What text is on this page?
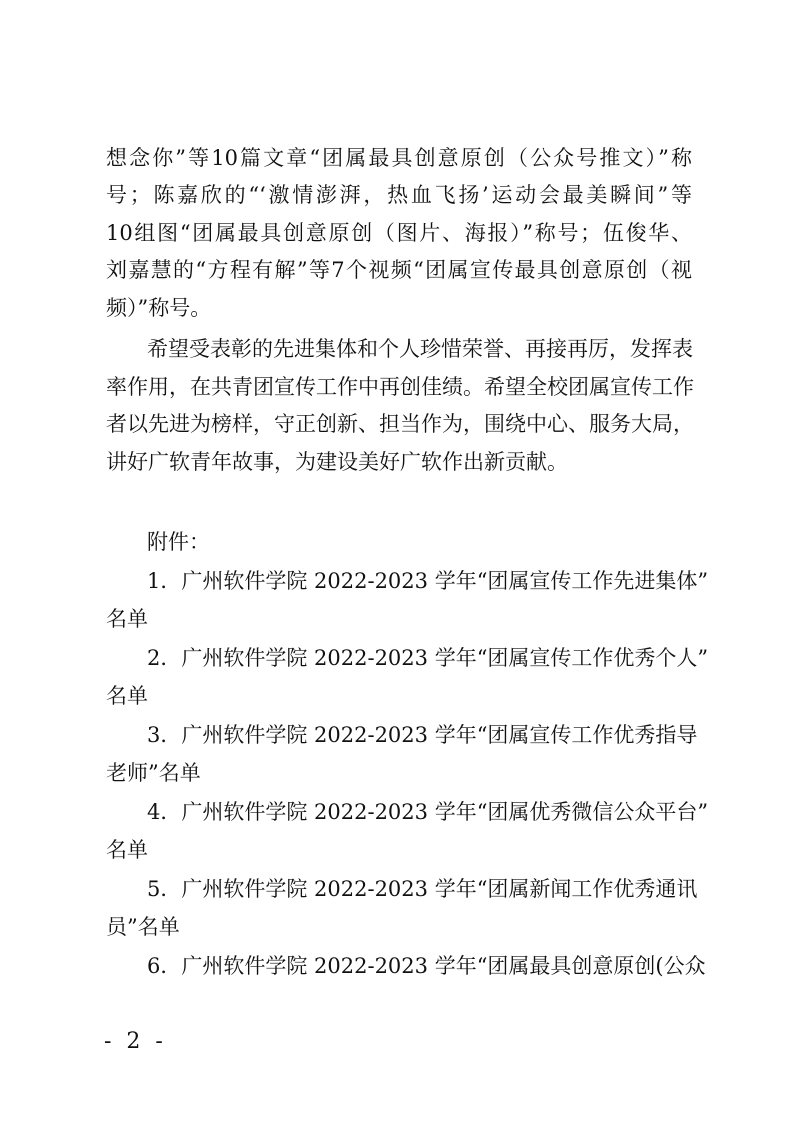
想念你”等10篇文章“团属最具创意原创（公众号推文）”称
号；陈嘉欣的“‘激情澎湃，热血飞扬’运动会最美瞬间”等
10组图“团属最具创意原创（图片、海报）”称号；伍俊华、
刘嘉慧的“方程有解”等7个视频“团属宣传最具创意原创（视
频）”称号。
希望受表彰的先进集体和个人珍惜荣誉、再接再厉，发挥表
率作用，在共青团宣传工作中再创佳绩。希望全校团属宣传工作
者以先进为榜样，守正创新、担当作为，围绕中心、服务大局，
讲好广软青年故事，为建设美好广软作出新贡献。
附件：
1．广州软件学院 2022-2023 学年“团属宣传工作先进集体”
名单
2．广州软件学院 2022-2023 学年“团属宣传工作优秀个人”
名单
3．广州软件学院 2022-2023 学年“团属宣传工作优秀指导
老师”名单
4．广州软件学院 2022-2023 学年“团属优秀微信公众平台”
名单
5．广州软件学院 2022-2023 学年“团属新闻工作优秀通讯
员”名单
6．广州软件学院 2022-2023 学年“团属最具创意原创(公众
- 2 -
